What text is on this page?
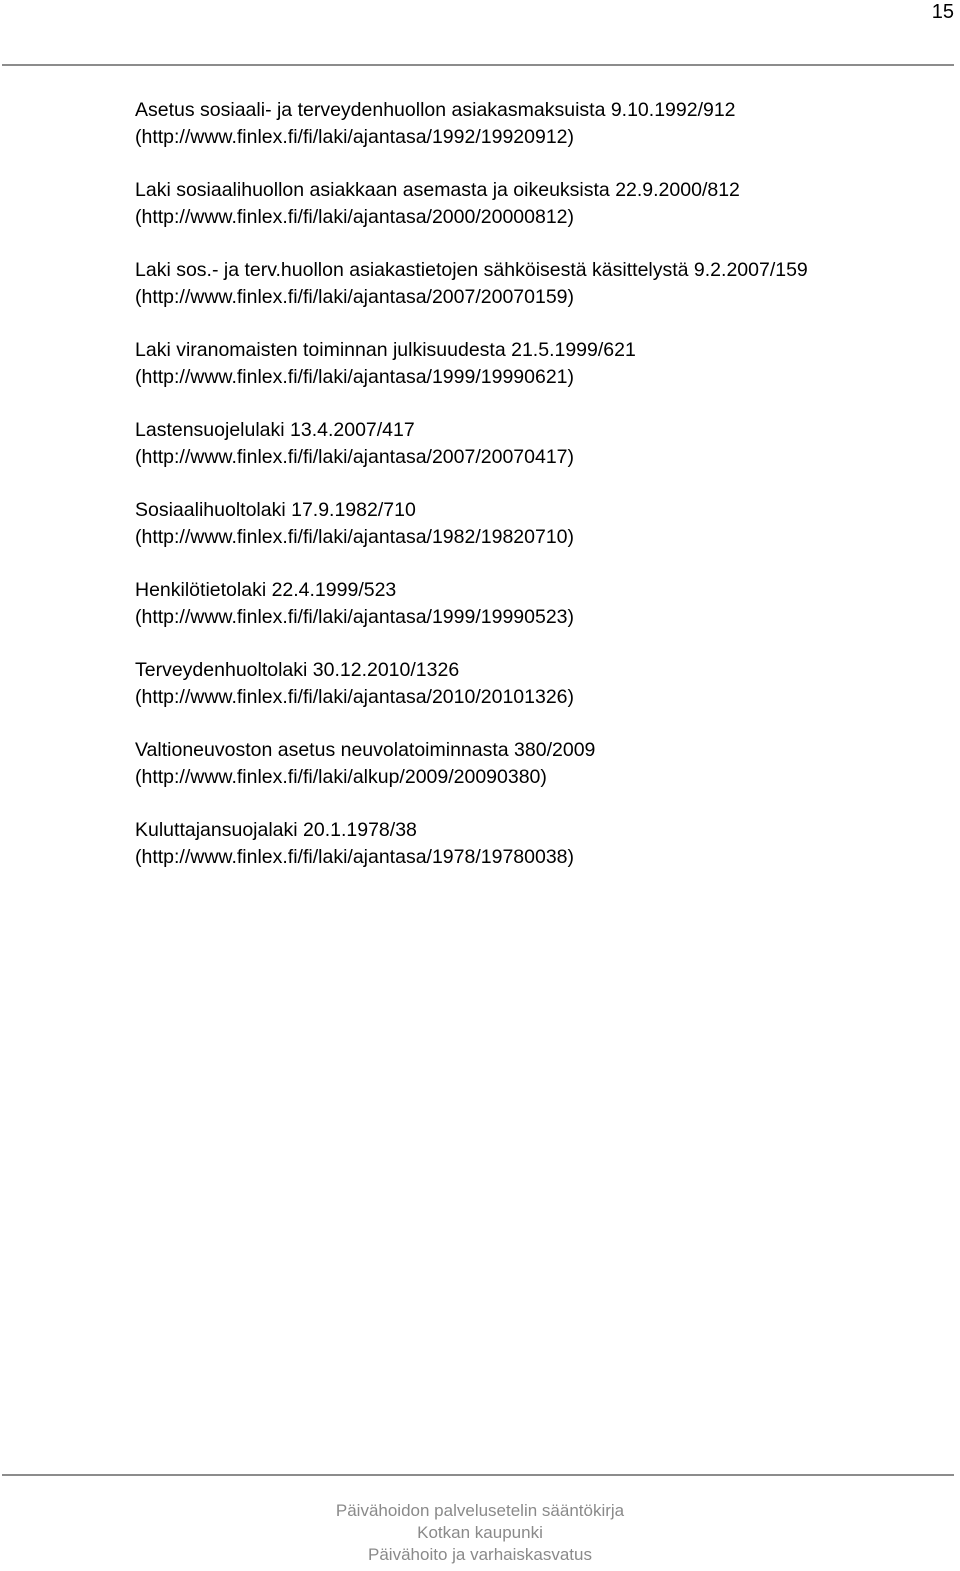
15
Asetus sosiaali- ja terveydenhuollon asiakasmaksuista 9.10.1992/912
(http://www.finlex.fi/fi/laki/ajantasa/1992/19920912)
Laki sosiaalihuollon asiakkaan asemasta ja oikeuksista 22.9.2000/812
(http://www.finlex.fi/fi/laki/ajantasa/2000/20000812)
Laki sos.- ja terv.huollon asiakastietojen sähköisestä käsittelystä 9.2.2007/159
(http://www.finlex.fi/fi/laki/ajantasa/2007/20070159)
Laki viranomaisten toiminnan julkisuudesta 21.5.1999/621
(http://www.finlex.fi/fi/laki/ajantasa/1999/19990621)
Lastensuojelulaki 13.4.2007/417
(http://www.finlex.fi/fi/laki/ajantasa/2007/20070417)
Sosiaalihuoltolaki 17.9.1982/710
(http://www.finlex.fi/fi/laki/ajantasa/1982/19820710)
Henkilötietolaki 22.4.1999/523
(http://www.finlex.fi/fi/laki/ajantasa/1999/19990523)
Terveydenhuoltolaki 30.12.2010/1326
(http://www.finlex.fi/fi/laki/ajantasa/2010/20101326)
Valtioneuvoston asetus neuvolatoiminnasta 380/2009
(http://www.finlex.fi/fi/laki/alkup/2009/20090380)
Kuluttajansuojalaki 20.1.1978/38
(http://www.finlex.fi/fi/laki/ajantasa/1978/19780038)
Päivähoidon palvelusetelin sääntökirja
Kotkan kaupunki
Päivähoito ja varhaiskasvatus
